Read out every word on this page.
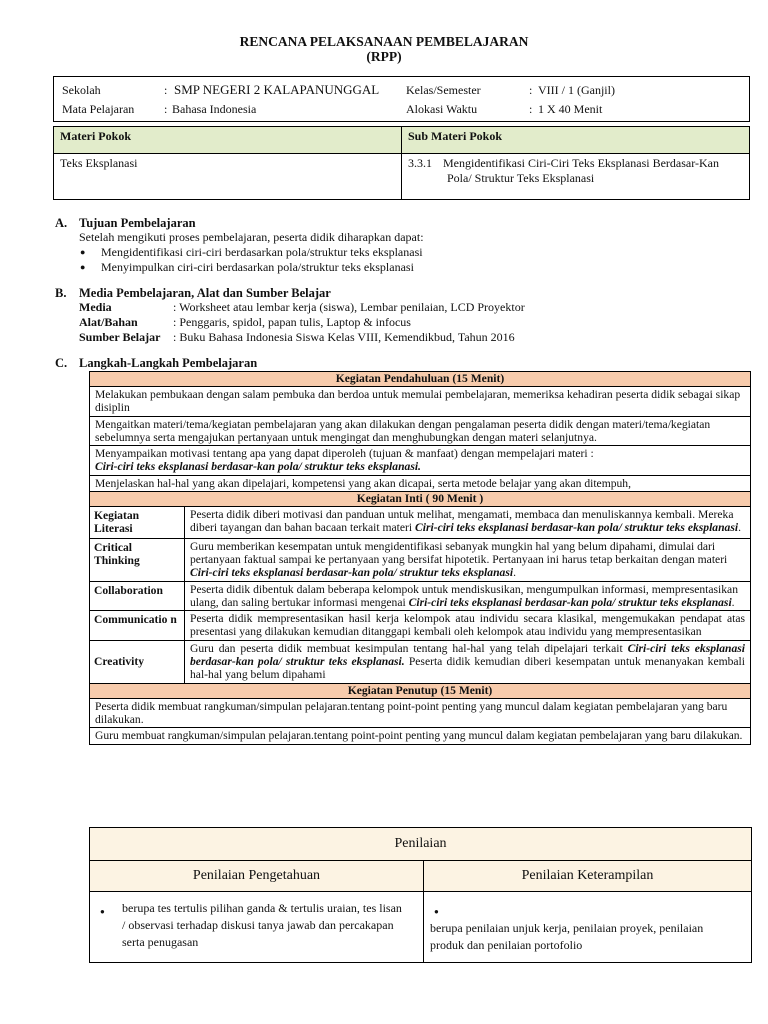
RENCANA PELAKSANAAN PEMBELAJARAN
(RPP)
Sekolah	: SMP NEGERI 2 KALAPANUNGGAL Kelas/Semester	: VIII / 1 (Ganjil)
Mata Pelajaran : Bahasa Indonesia	Alokasi Waktu	: 1 X 40 Menit
Materi Pokok	Sub Materi Pokok
Teks Eksplanasi	3.3.1 Mengidentifikasi Ciri-Ciri Teks Eksplanasi Berdasar-Kan
Pola/ Struktur Teks Eksplanasi
A. Tujuan Pembelajaran
Setelah mengikuti proses pembelajaran, peserta didik diharapkan dapat:
● Mengidentifikasi ciri-ciri berdasarkan pola/struktur teks eksplanasi
● Menyimpulkan ciri-ciri berdasarkan pola/struktur teks eksplanasi
B. Media Pembelajaran, Alat dan Sumber Belajar
Media	: Worksheet atau lembar kerja (siswa), Lembar penilaian, LCD Proyektor
Alat/Bahan	: Penggaris, spidol, papan tulis, Laptop & infocus
Sumber Belajar : Buku Bahasa Indonesia Siswa Kelas VIII, Kemendikbud, Tahun 2016
C. Langkah-Langkah Pembelajaran
Kegiatan Pendahuluan (15 Menit)	
Melakukan pembukaan dengan salam pembuka dan berdoa untuk memulai pembelajaran, memeriksa kehadiran peserta didik sebagai sikap disiplin	
Mengaitkan materi/tema/kegiatan pembelajaran yang akan dilakukan dengan pengalaman peserta didik dengan materi/tema/kegiatan sebelumnya serta mengajukan pertanyaan untuk mengingat dan menghubungkan dengan materi selanjutnya.	

Menyampaikan motivasi tentang apa yang dapat diperoleh (tujuan & manfaat) dengan mempelajari materi :
Ciri-ciri teks eksplanasi berdasar-kan pola/ struktur teks eksplanasi.	

Menjelaskan hal-hal yang akan dipelajari, kompetensi yang akan dicapai, serta metode belajar yang akan ditempuh,	
Kegiatan Inti ( 90 Menit )	
Kegiatan Literasi	Peserta didik diberi motivasi dan panduan untuk melihat, mengamati, membaca dan menuliskannya kembali. Mereka diberi tayangan dan bahan bacaan terkait materi Ciri-ciri teks eksplanasi berdasar-kan pola/ struktur teks eksplanasi.
Critical Thinking	Guru memberikan kesempatan untuk mengidentifikasi sebanyak mungkin hal yang belum dipahami, dimulai dari pertanyaan faktual sampai ke pertanyaan yang bersifat hipotetik. Pertanyaan ini harus tetap berkaitan dengan materi Ciri-ciri teks eksplanasi berdasar-kan pola/ struktur teks eksplanasi.
Collaboration	Peserta didik dibentuk dalam beberapa kelompok untuk mendiskusikan, mengumpulkan informasi, mempresentasikan ulang, dan saling bertukar informasi mengenai Ciri-ciri teks eksplanasi berdasar-kan pola/ struktur teks eksplanasi.
Communicatio n	Peserta didik mempresentasikan hasil kerja kelompok atau individu secara klasikal, mengemukakan pendapat atas presentasi yang dilakukan kemudian ditanggapi kembali oleh kelompok atau individu yang mempresentasikan
Creativity	Guru dan peserta didik membuat kesimpulan tentang hal-hal yang telah dipelajari terkait Ciri-ciri teks eksplanasi berdasar-kan pola/ struktur teks eksplanasi. Peserta didik kemudian diberi kesempatan untuk menanyakan kembali hal-hal yang belum dipahami
Kegiatan Penutup (15 Menit)	
Peserta didik membuat rangkuman/simpulan pelajaran.tentang point-point penting yang muncul dalam kegiatan pembelajaran yang baru dilakukan.	
Guru membuat rangkuman/simpulan pelajaran.tentang point-point penting yang muncul dalam kegiatan pembelajaran yang baru dilakukan.	
Penilaian	
Penilaian Pengetahuan	Penilaian Keterampilan
● berupa tes tertulis pilihan ganda & tertulis uraian, tes lisan / observasi terhadap diskusi tanya jawab dan percakapan serta penugasan	●berupa penilaian unjuk kerja, penilaian proyek, penilaian produk dan penilaian portofolio
